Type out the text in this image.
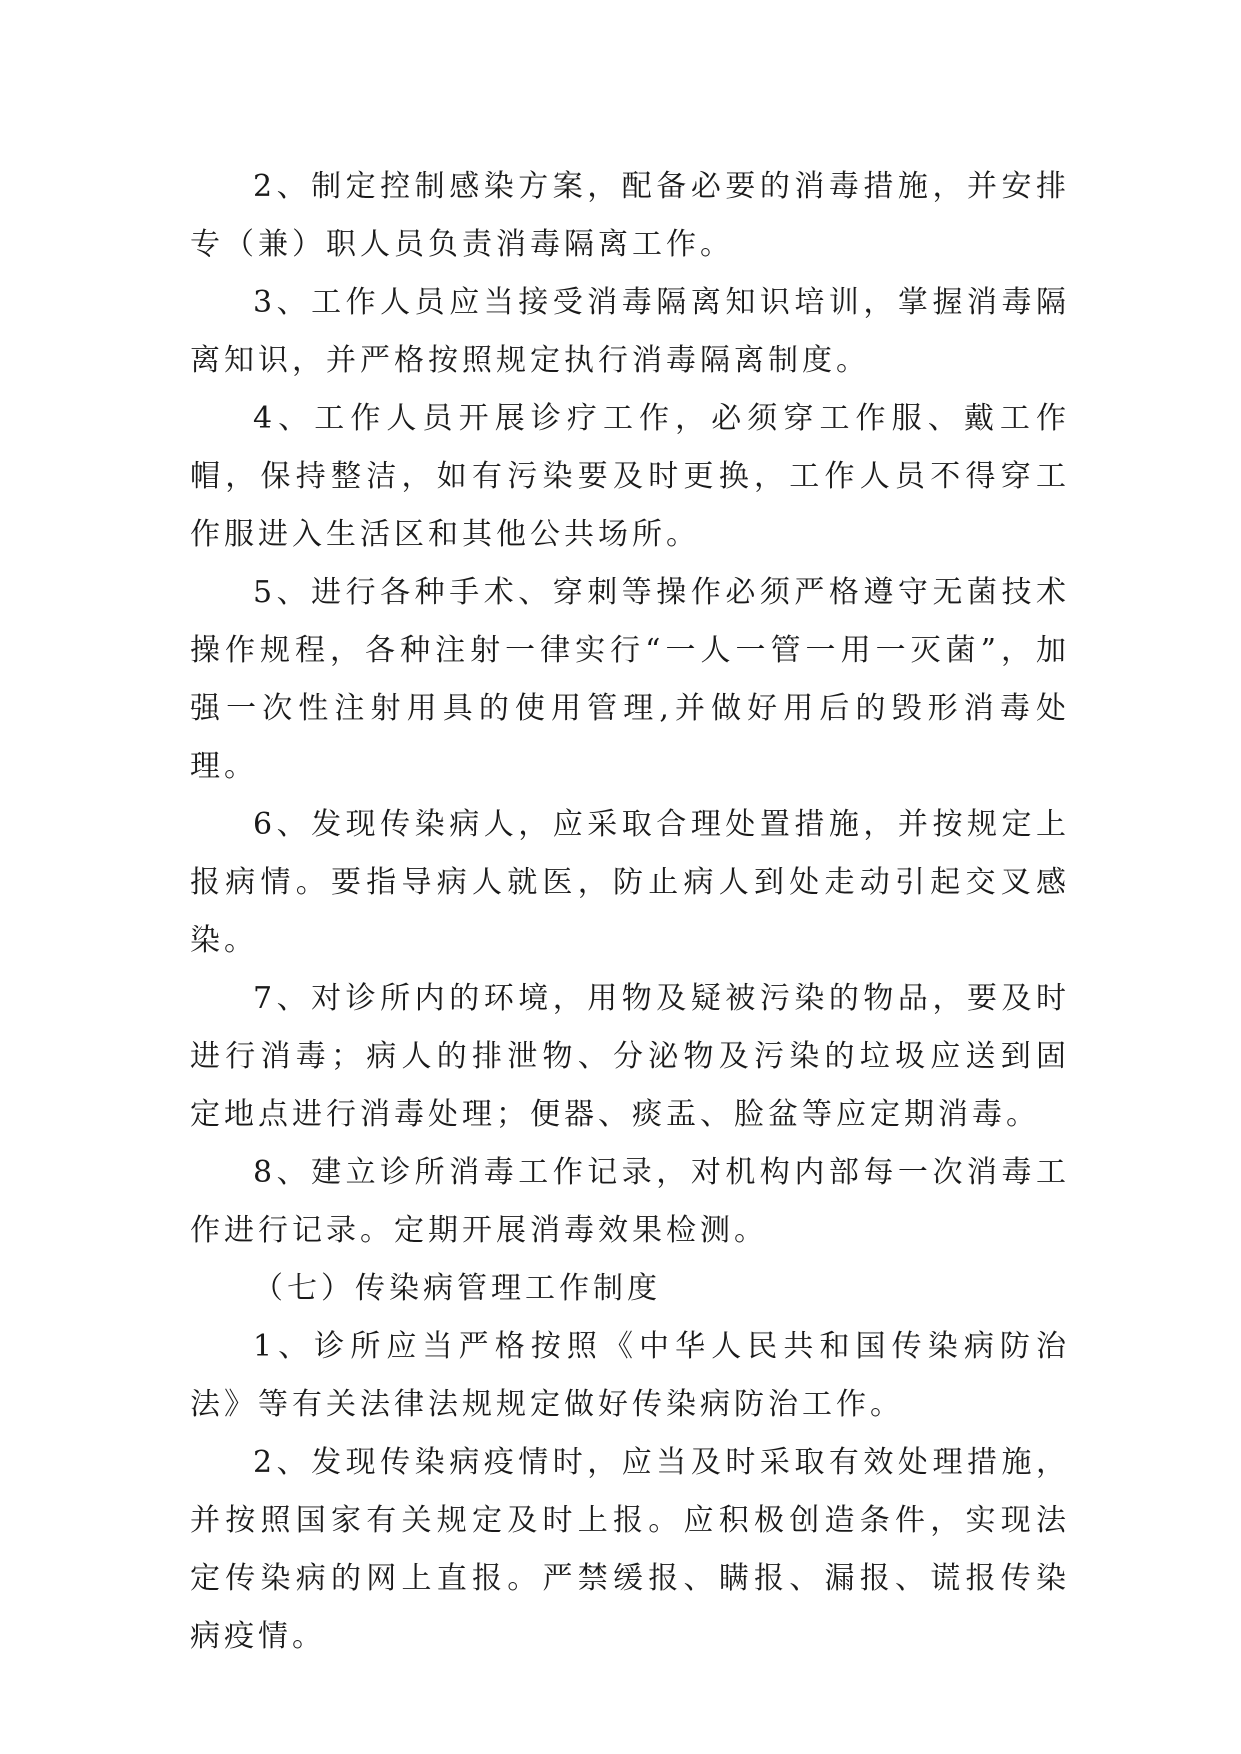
2、制定控制感染方案，配备必要的消毒措施，并安排专（兼）职人员负责消毒隔离工作。

3、工作人员应当接受消毒隔离知识培训，掌握消毒隔离知识，并严格按照规定执行消毒隔离制度。

4、工作人员开展诊疗工作，必须穿工作服、戴工作帽，保持整洁，如有污染要及时更换，工作人员不得穿工作服进入生活区和其他公共场所。

5、进行各种手术、穿刺等操作必须严格遵守无菌技术操作规程，各种注射一律实行“一人一管一用一灭菌”，加强一次性注射用具的使用管理,并做好用后的毁形消毒处理。

6、发现传染病人，应采取合理处置措施，并按规定上报病情。要指导病人就医，防止病人到处走动引起交叉感染。

7、对诊所内的环境，用物及疑被污染的物品，要及时进行消毒；病人的排泄物、分泌物及污染的垃圾应送到固定地点进行消毒处理；便器、痰盂、脸盆等应定期消毒。

8、建立诊所消毒工作记录，对机构内部每一次消毒工作进行记录。定期开展消毒效果检测。

（七）传染病管理工作制度

1、诊所应当严格按照《中华人民共和国传染病防治法》等有关法律法规规定做好传染病防治工作。

2、发现传染病疫情时，应当及时采取有效处理措施，并按照国家有关规定及时上报。应积极创造条件，实现法定传染病的网上直报。严禁缓报、瞒报、漏报、谎报传染病疫情。
